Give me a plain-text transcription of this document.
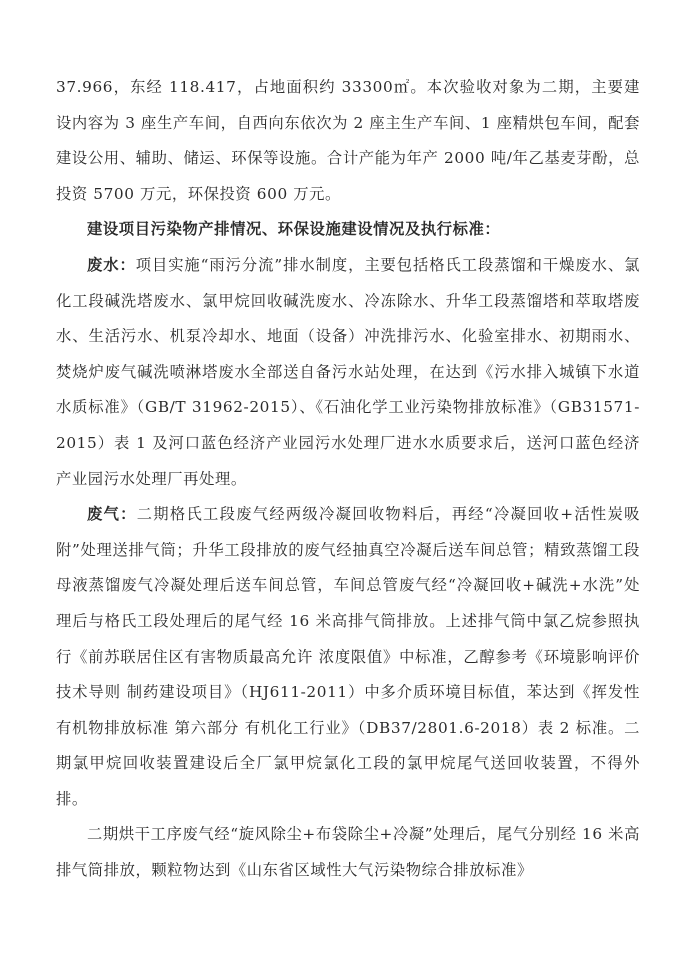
37.966，东经 118.417，占地面积约 33300㎡。本次验收对象为二期，主要建设内容为 3 座生产车间，自西向东依次为 2 座主生产车间、1 座精烘包车间，配套建设公用、辅助、储运、环保等设施。合计产能为年产 2000 吨/年乙基麦芽酚，总投资 5700 万元，环保投资 600 万元。

建设项目污染物产排情况、环保设施建设情况及执行标准：

废水：项目实施“雨污分流”排水制度，主要包括格氏工段蒸馏和干燥废水、氯化工段碱洗塔废水、氯甲烷回收碱洗废水、冷冻除水、升华工段蒸馏塔和萃取塔废水、生活污水、机泵冷却水、地面（设备）冲洗排污水、化验室排水、初期雨水、焚烧炉废气碱洗喷淋塔废水全部送自备污水站处理，在达到《污水排入城镇下水道水质标准》（GB/T 31962-2015）、《石油化学工业污染物排放标准》（GB31571-2015）表 1 及河口蓝色经济产业园污水处理厂进水水质要求后，送河口蓝色经济产业园污水处理厂再处理。

废气：二期格氏工段废气经两级冷凝回收物料后，再经“冷凝回收+活性炭吸附”处理送排气筒；升华工段排放的废气经抽真空冷凝后送车间总管；精致蒸馏工段母液蒸馏废气冷凝处理后送车间总管，车间总管废气经“冷凝回收+碱洗+水洗”处理后与格氏工段处理后的尾气经 16 米高排气筒排放。上述排气筒中氯乙烷参照执行《前苏联居住区有害物质最高允许 浓度限值》中标准，乙醇参考《环境影响评价技术导则 制药建设项目》（HJ611-2011）中多介质环境目标值，苯达到《挥发性有机物排放标准 第六部分 有机化工行业》（DB37/2801.6-2018）表 2 标准。二期氯甲烷回收装置建设后全厂氯甲烷氯化工段的氯甲烷尾气送回收装置，不得外排。

二期烘干工序废气经“旋风除尘+布袋除尘+冷凝”处理后，尾气分别经 16 米高排气筒排放，颗粒物达到《山东省区域性大气污染物综合排放标准》
